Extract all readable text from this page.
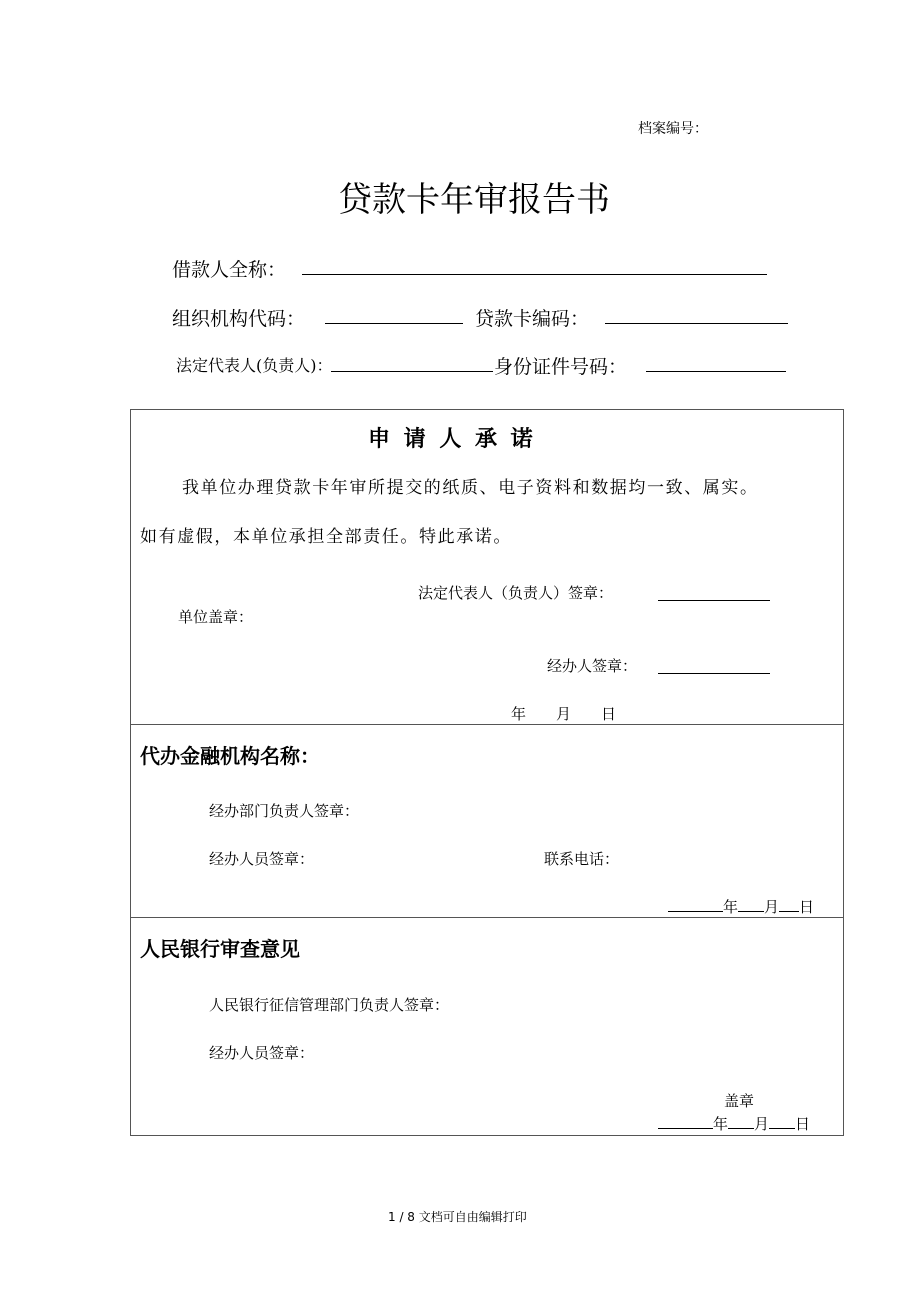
档案编号：
贷款卡年审报告书
借款人全称：
组织机构代码：	贷款卡编码：
法定代表人(负责人)：	身份证件号码：
申 请 人 承 诺
我单位办理贷款卡年审所提交的纸质、电子资料和数据均一致、属实。
如有虚假，本单位承担全部责任。特此承诺。
法定代表人（负责人）签章：
单位盖章：
经办人签章：
年　　月　　日
代办金融机构名称：
经办部门负责人签章：
经办人员签章：	联系电话：
年 月 日
人民银行审查意见
人民银行征信管理部门负责人签章：
经办人员签章：
盖章
年 月 日
1 / 8 文档可自由编辑打印
